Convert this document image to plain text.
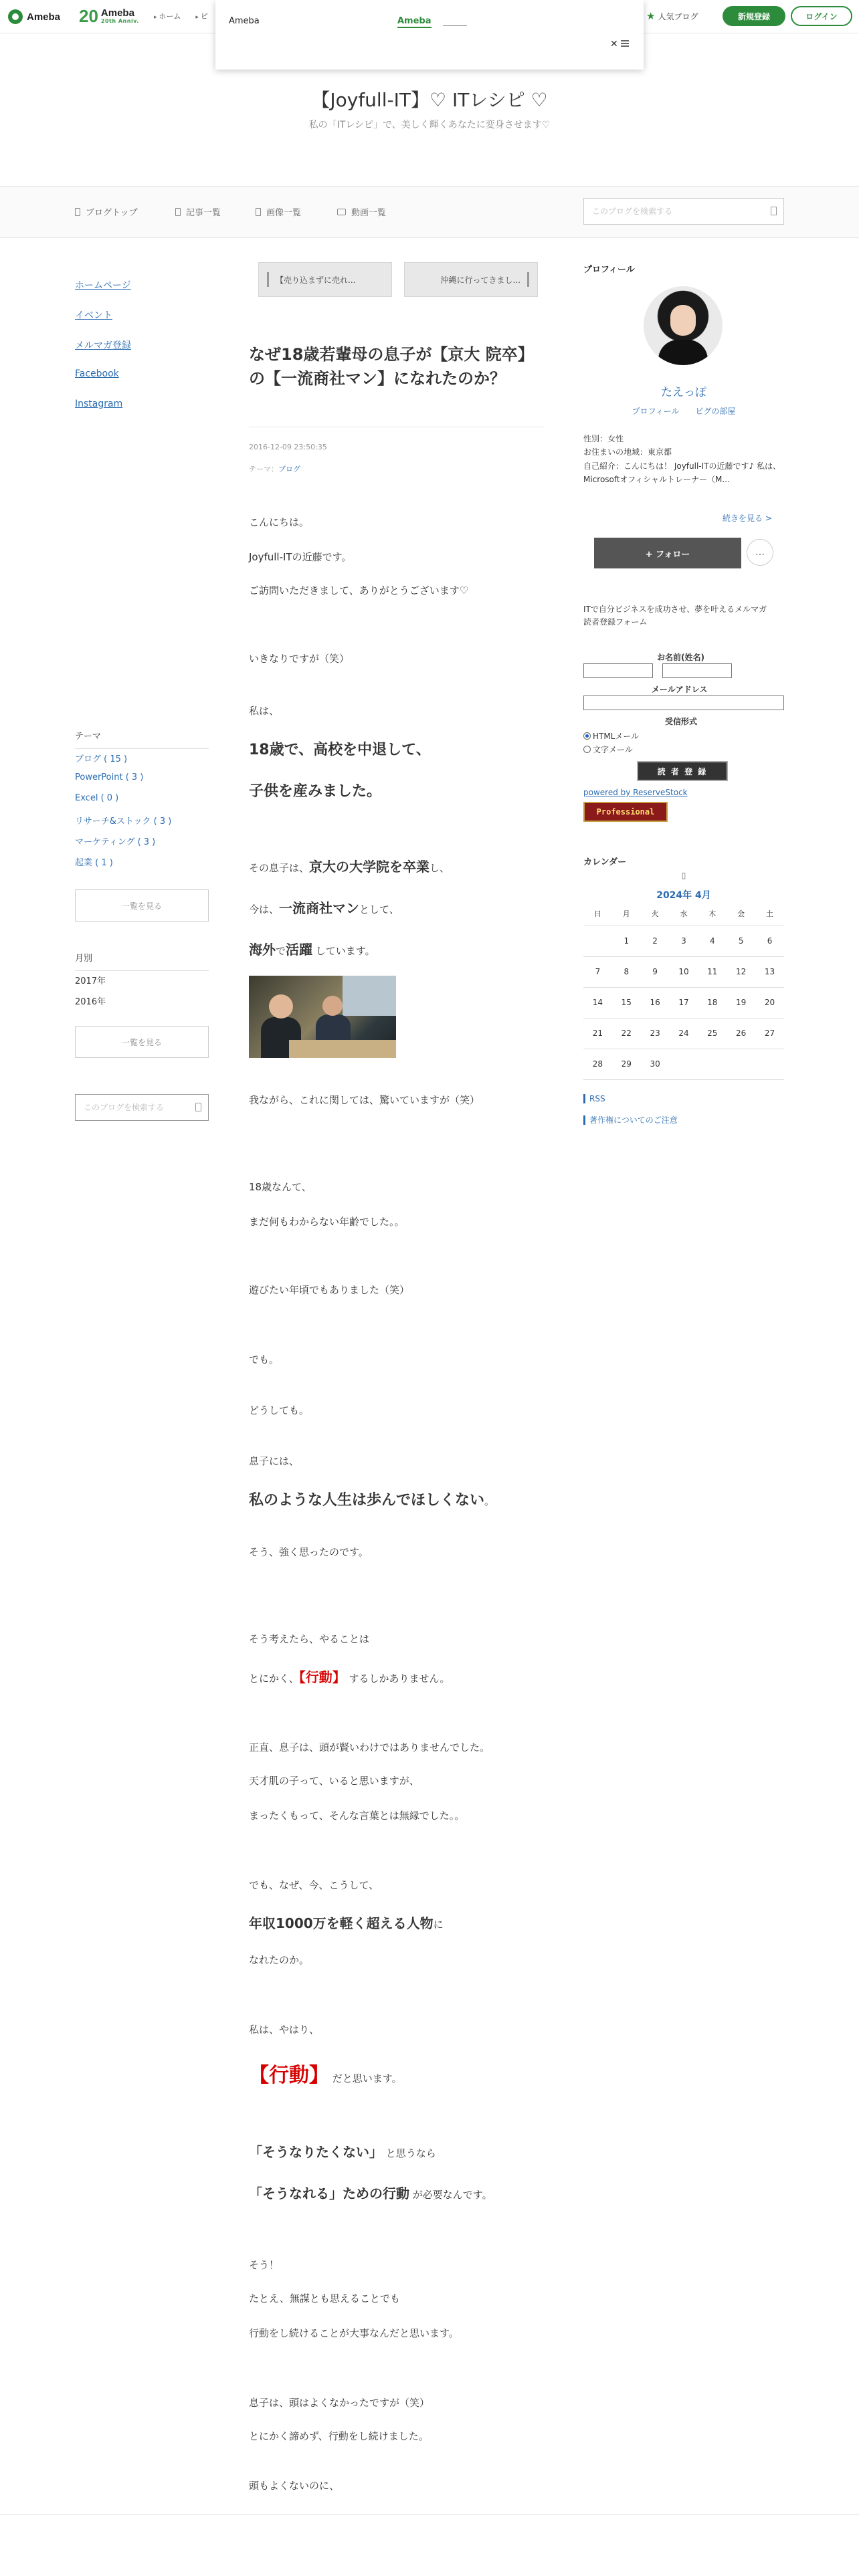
Ameba 20 Ameba
20th Anniv.
▸ ホーム	▸ ピ	★ 人気ブログ	新規登録	ログイン
Ameba	Ameba
✕
【Joyfull-IT】♡ ITレシピ ♡

私の「ITレシピ」で、美しく輝くあなたに変身させます♡

ブログトップ	記事一覧	画像一覧	動画一覧
このブログを検索する
ホームページ
イベント
メルマガ登録
Facebook
Instagram
テーマ
ブログ ( 15 )
PowerPoint ( 3 )
Excel ( 0 )
リサーチ&ストック ( 3 )
マーケティング ( 3 )
起業 ( 1 )
一覧を見る
月別
2017年
2016年
一覧を見る
このブログを検索する
【売り込まずに売れ...	沖縄に行ってきまし...
なぜ18歳若輩母の息子が【京大 院卒】の【一流商社マン】になれたのか？
2016-12-09 23:50:35
テーマ：ブログ
こんにちは。
Joyfull-ITの近藤です。
ご訪問いただきまして、ありがとうございます♡
いきなりですが（笑）
私は、
18歳で、高校を中退して、
子供を産みました。
その息子は、京大の大学院を卒業し、
今は、一流商社マンとして、
海外で活躍 しています。
我ながら、これに関しては、驚いていますが（笑）
18歳なんて、
まだ何もわからない年齢でした。。
遊びたい年頃でもありました（笑）
でも。
どうしても。
息子には、
私のような人生は歩んでほしくない。
そう、強く思ったのです。
そう考えたら、やることは
とにかく、【行動】 するしかありません。
正直、息子は、頭が賢いわけではありませんでした。
天才肌の子って、いると思いますが、
まったくもって、そんな言葉とは無縁でした。。
でも、なぜ、今、こうして、
年収1000万を軽く超える人物に
なれたのか。
私は、やはり、
【行動】 だと思います。
「そうなりたくない」 と思うなら
「そうなれる」ための行動 が必要なんです。
そう！
たとえ、無謀とも思えることでも
行動をし続けることが大事なんだと思います。
息子は、頭はよくなかったですが（笑）
とにかく諦めず、行動をし続けました。
頭もよくないのに、
プロフィール
たえっぽ
プロフィール ピグの部屋
性別：女性
お住まいの地域：東京都
自己紹介：こんにちは！ Joyfull-ITの近藤です♪ 私は、Microsoftオフィシャルトレーナー（M...
続きを見る >
+ フォロー	…
ITで自分ビジネスを成功させ、夢を叶えるメルマガ
読者登録フォーム
お名前(姓名)
メールアドレス
受信形式
HTMLメール
文字メール
読 者 登 録
powered by ReserveStock
Professional
カレンダー
▯
2024年 4月
日	月	火	水	木	金	土
	1	2	3	4	5	6
7	8	9	10	11	12	13
14	15	16	17	18	19	20
21	22	23	24	25	26	27
28	29	30				
RSS
著作権についてのご注意
